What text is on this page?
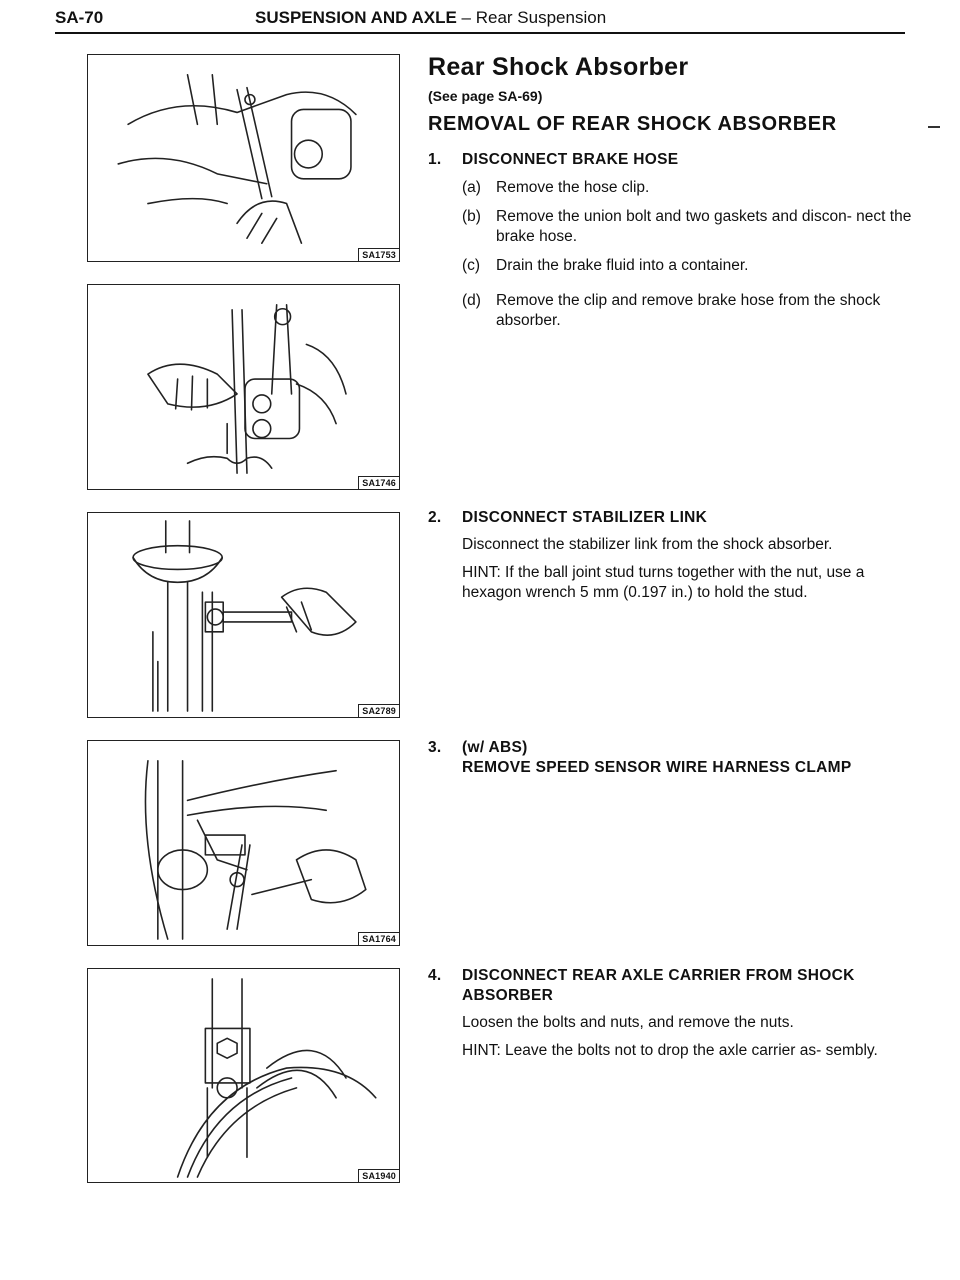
SA-70	SUSPENSION AND AXLE – Rear Suspension
SA1753
SA1746
SA2789
SA1764
SA1940
Rear Shock Absorber
(See page SA-69)
REMOVAL OF REAR SHOCK ABSORBER
1. DISCONNECT BRAKE HOSE
(a) Remove the hose clip.
(b) Remove the union bolt and two gaskets and discon- nect the brake hose.
(c) Drain the brake fluid into a container.
(d) Remove the clip and remove brake hose from the shock absorber.
2. DISCONNECT STABILIZER LINK
Disconnect the stabilizer link from the shock absorber.
HINT: If the ball joint stud turns together with the nut, use a hexagon wrench 5 mm (0.197 in.) to hold the stud.
3. (w/ ABS)
REMOVE SPEED SENSOR WIRE HARNESS CLAMP
4.	DISCONNECT REAR AXLE CARRIER FROM SHOCK ABSORBER
Loosen the bolts and nuts, and remove the nuts.
HINT: Leave the bolts not to drop the axle carrier as- sembly.
